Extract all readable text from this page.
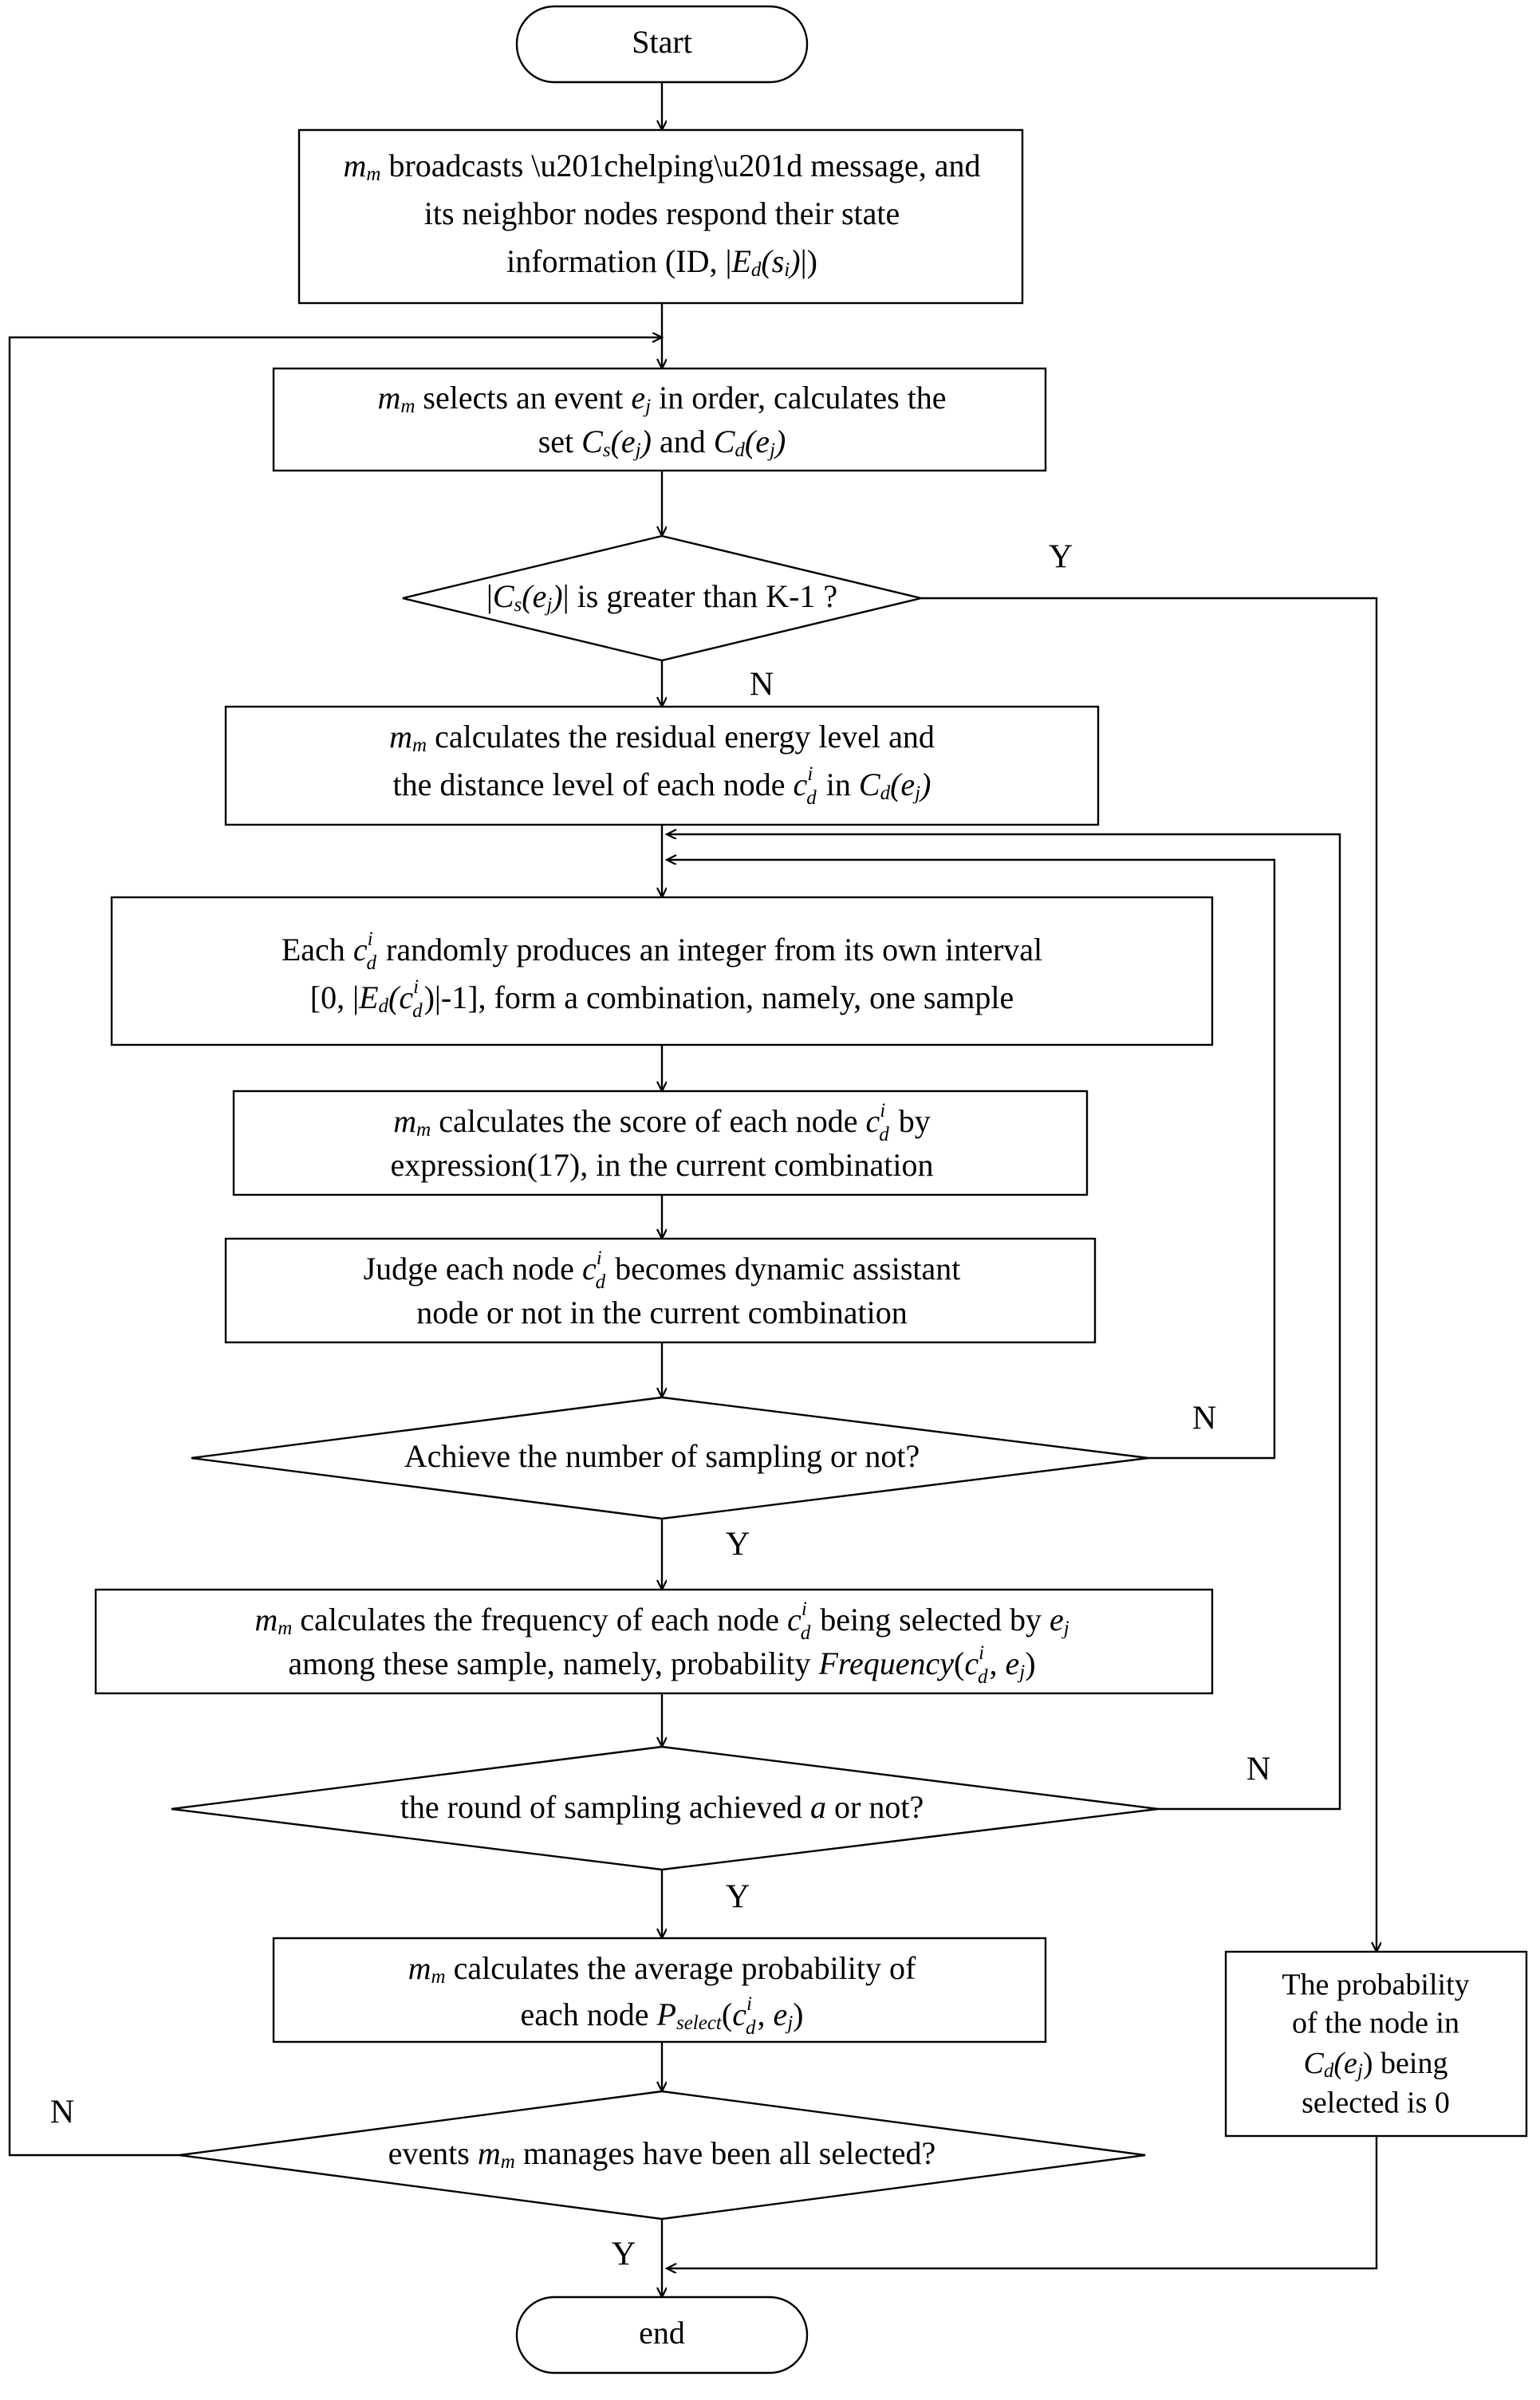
Start
$m_m$ broadcasts \u201chelping\u201d message, and
its neighbor nodes respond their state
information (ID, $|E_d(s_i)|$)
$m_m$ selects an event $e_j$ in order, calculates the
set $C_s(e_j)$ and $C_d(e_j)$
$|C_s(e_j)|$ is greater than K-1 ?
Y
N
$m_m$ calculates the residual energy level and
the distance level of each node $c^i$ d in $C_d(e_j)$
Each $c^i$ d randomly produces an integer from its own interval
[0, $|E_d(c^i$ d)|-1], form a combination, namely, one sample
$m_m$ calculates the score of each node $c^i$ d by
expression(17), in the current combination
Judge each node $c^i$ d becomes dynamic assistant
node or not in the current combination
Achieve the number of sampling or not?
N
Y
$m_m$ calculates the frequency of each node $c^i$ d being selected by $e_j$
among these sample, namely, probability $Frequency(c^i$ d, $e_j$)
the round of sampling achieved a or not?
N
Y
$m_m$ calculates the average probability of
each node $P_{select}(c^i$ d, $e_j$)
The probability
of the node in
$C_d(e_j)$ being
selected is 0
events $m_m$ manages have been all selected?
N
Y
end
